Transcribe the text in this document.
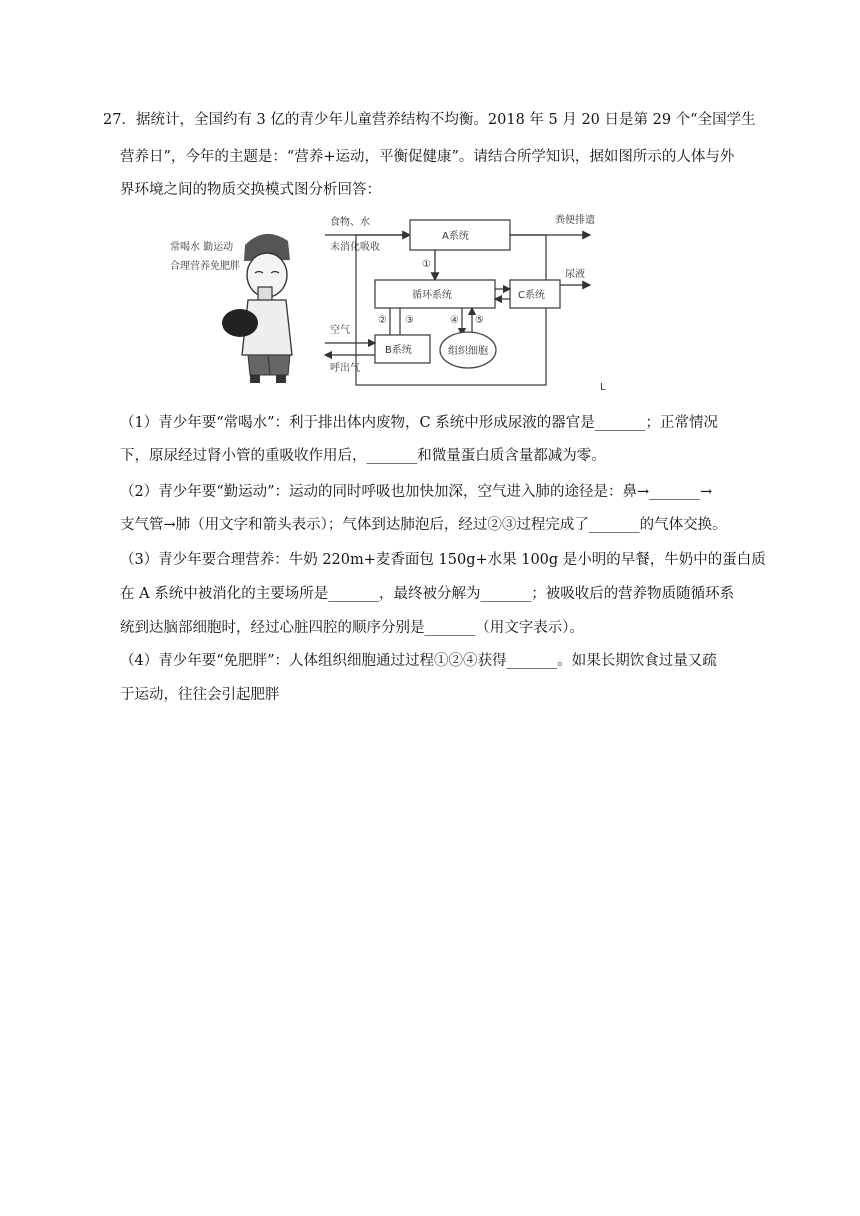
27．据统计，全国约有 3 亿的青少年儿童营养结构不均衡。2018 年 5 月 20 日是第 29 个“全国学生
营养日”，今年的主题是：“营养+运动，平衡促健康”。请结合所学知识，据如图所示的人体与外
界环境之间的物质交换模式图分析回答：
常喝水 勤运动
合理营养免肥胖
食物、水
未消化吸收
A系统
粪便排遗
①
循环系统	C系统
尿液
② ③	④ ⑤
B系统	组织细胞
空气
呼出气
L
（1）青少年要“常喝水”：利于排出体内废物，C 系统中形成尿液的器官是_______；正常情况
下，原尿经过肾小管的重吸收作用后，_______和微量蛋白质含量都减为零。
（2）青少年要“勤运动”：运动的同时呼吸也加快加深，空气进入肺的途径是：鼻→_______→
支气管→肺（用文字和箭头表示）；气体到达肺泡后，经过②③过程完成了_______的气体交换。
（3）青少年要合理营养：牛奶 220m+麦香面包 150g+水果 100g 是小明的早餐，牛奶中的蛋白质
在 A 系统中被消化的主要场所是_______，最终被分解为_______；被吸收后的营养物质随循环系
统到达脑部细胞时，经过心脏四腔的顺序分别是_______（用文字表示）。
（4）青少年要“免肥胖”：人体组织细胞通过过程①②④获得_______。如果长期饮食过量又疏
于运动，往往会引起肥胖
